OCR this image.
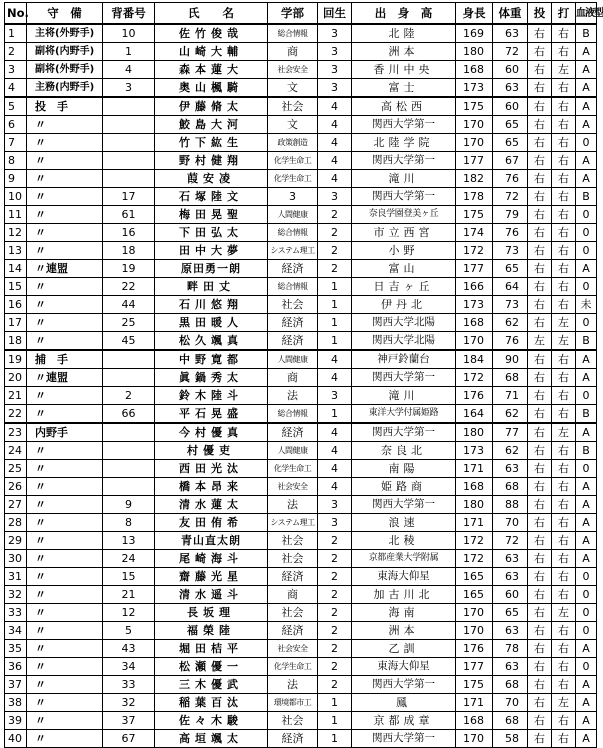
No.	守　備	背番号	氏　　名	学部	回生	出　身　高	身長	体重	投	打	血液型
1	主将(外野手)	10	佐竹俊哉	総合情報	3	北陸	169	63	右	右	B
2	副将(内野手)	1	山崎大輔	商	3	洲本	180	72	右	右	A
3	副将(外野手)	4	森本蓮大	社会安全	3	香川中央	168	60	右	左	A
4	主務(内野手)	3	奥山楓騎	文	3	富士	173	63	右	右	A
5	投　手		伊藤脩太	社会	4	高松西	175	60	右	右	A
6	〃		鮫島大河	文	4	関西大学第一	170	65	右	右	A
7	〃		竹下紘生	政策創造	4	北陸学院	170	65	右	右	0
8	〃		野村健翔	化学生命工	4	関西大学第一	177	67	右	右	A
9	〃		葭安凌	化学生命工	4	滝川	182	76	右	右	A
10	〃	17	石塚陸文	3	3	関西大学第一	178	72	右	右	B
11	〃	61	梅田晃聖	人間健康	2	奈良学園登美ヶ丘	175	79	右	右	0
12	〃	16	下田弘太	総合情報	2	市立西宮	174	76	右	右	0
13	〃	18	田中大夢	システム理工	2	小野	172	73	右	右	0
14	〃連盟	19	原田勇一朗	経済	2	富山	177	65	右	右	A
15	〃	22	畔田丈	総合情報	1	日吉ヶ丘	166	64	右	右	0
16	〃	44	石川悠翔	社会	1	伊丹北	173	73	右	右	未
17	〃	25	黒田暖人	経済	1	関西大学北陽	168	62	右	左	0
18	〃	45	松久颯真	経済	1	関西大学北陽	170	76	左	左	B
19	捕　手		中野寛都	人間健康	4	神戸鈴蘭台	184	90	右	右	A
20	〃連盟		眞鍋秀太	商	4	関西大学第一	172	68	右	右	A
21	〃	2	鈴木陸斗	法	3	滝川	176	71	右	右	0
22	〃	66	平石晃盛	総合情報	1	東洋大学付属姫路	164	62	右	右	B
23	内野手		今村優真	経済	4	関西大学第一	180	77	右	左	A
24	〃		村優吏	人間健康	4	奈良北	173	62	右	右	B
25	〃		西田光汰	化学生命工	4	南陽	171	63	右	右	0
26	〃		橋本昂来	社会安全	4	姫路商	168	68	右	右	A
27	〃	9	清水蓮太	法	3	関西大学第一	180	88	右	右	A
28	〃	8	友田侑希	システム理工	3	浪速	171	70	右	右	A
29	〃	13	青山直太朗	社会	2	北稜	172	72	右	右	A
30	〃	24	尾崎海斗	社会	2	京都産業大学附属	172	63	右	右	A
31	〃	15	齋藤光星	経済	2	東海大仰星	165	63	右	右	0
32	〃	21	清水遥斗	商	2	加古川北	165	60	右	右	0
33	〃	12	長坂理	社会	2	海南	170	65	右	左	0
34	〃	5	福榮陸	経済	2	洲本	170	63	右	右	0
35	〃	43	堀田桔平	社会安全	2	乙訓	176	78	右	右	A
36	〃	34	松瀬優一	化学生命工	2	東海大仰星	177	63	右	右	0
37	〃	33	三木優武	法	2	関西大学第一	175	68	右	右	A
38	〃	32	稲葉百汰	環境都市工	1	鳳	171	70	右	左	A
39	〃	37	佐々木駿	社会	1	京都成章	168	68	右	右	A
40	〃	67	高垣颯太	経済	1	関西大学第一	170	58	右	右	A
